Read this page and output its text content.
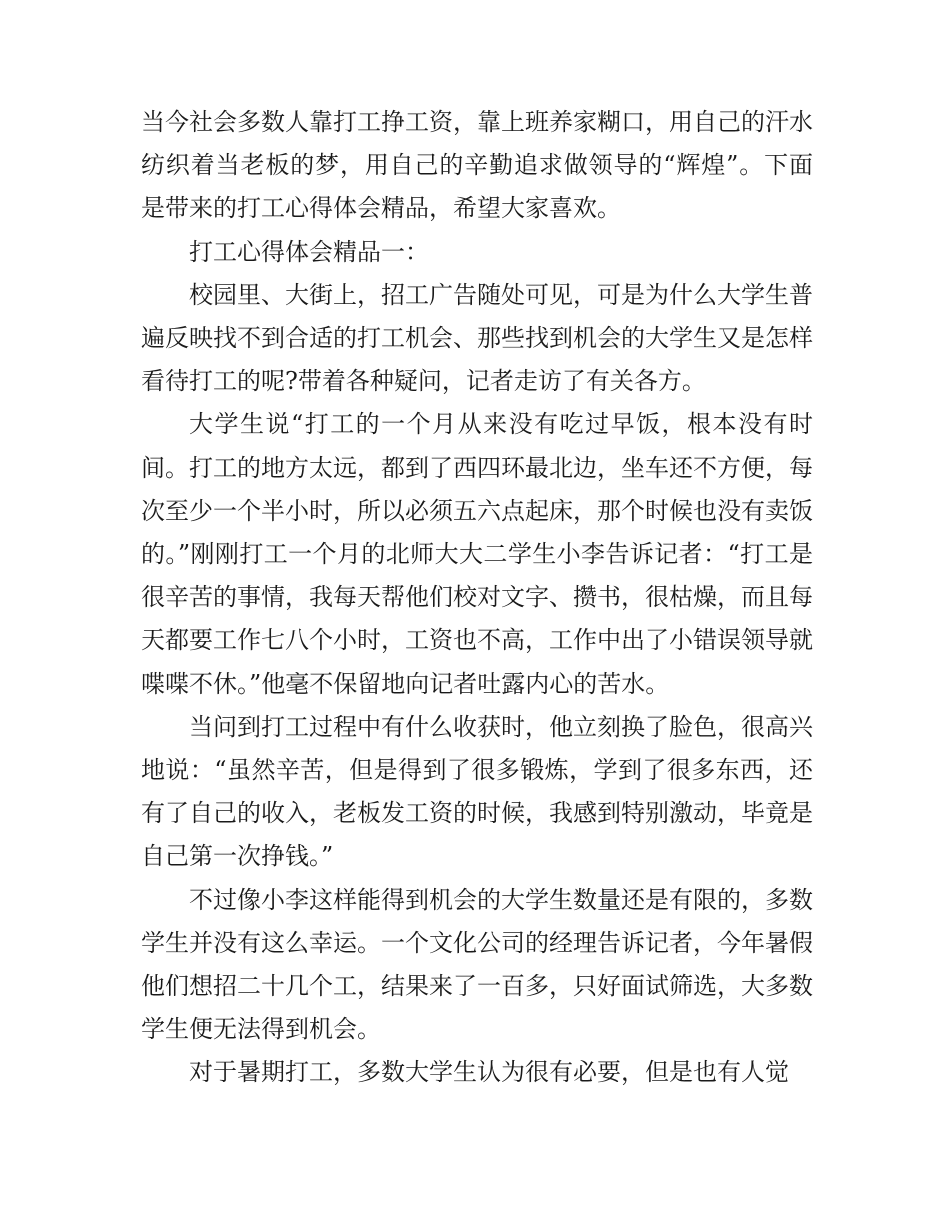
当今社会多数人靠打工挣工资，靠上班养家糊口，用自己的汗水纺织着当老板的梦，用自己的辛勤追求做领导的“辉煌”。下面是带来的打工心得体会精品，希望大家喜欢。

打工心得体会精品一：

校园里、大街上，招工广告随处可见，可是为什么大学生普遍反映找不到合适的打工机会、那些找到机会的大学生又是怎样看待打工的呢?带着各种疑问，记者走访了有关各方。

大学生说“打工的一个月从来没有吃过早饭，根本没有时间。打工的地方太远，都到了西四环最北边，坐车还不方便，每次至少一个半小时，所以必须五六点起床，那个时候也没有卖饭的。”刚刚打工一个月的北师大大二学生小李告诉记者：“打工是很辛苦的事情，我每天帮他们校对文字、攒书，很枯燥，而且每天都要工作七八个小时，工资也不高，工作中出了小错误领导就喋喋不休。”他毫不保留地向记者吐露内心的苦水。

当问到打工过程中有什么收获时，他立刻换了脸色，很高兴地说：“虽然辛苦，但是得到了很多锻炼，学到了很多东西，还有了自己的收入，老板发工资的时候，我感到特别激动，毕竟是自己第一次挣钱。”

不过像小李这样能得到机会的大学生数量还是有限的，多数学生并没有这么幸运。一个文化公司的经理告诉记者，今年暑假他们想招二十几个工，结果来了一百多，只好面试筛选，大多数学生便无法得到机会。

对于暑期打工，多数大学生认为很有必要，但是也有人觉
